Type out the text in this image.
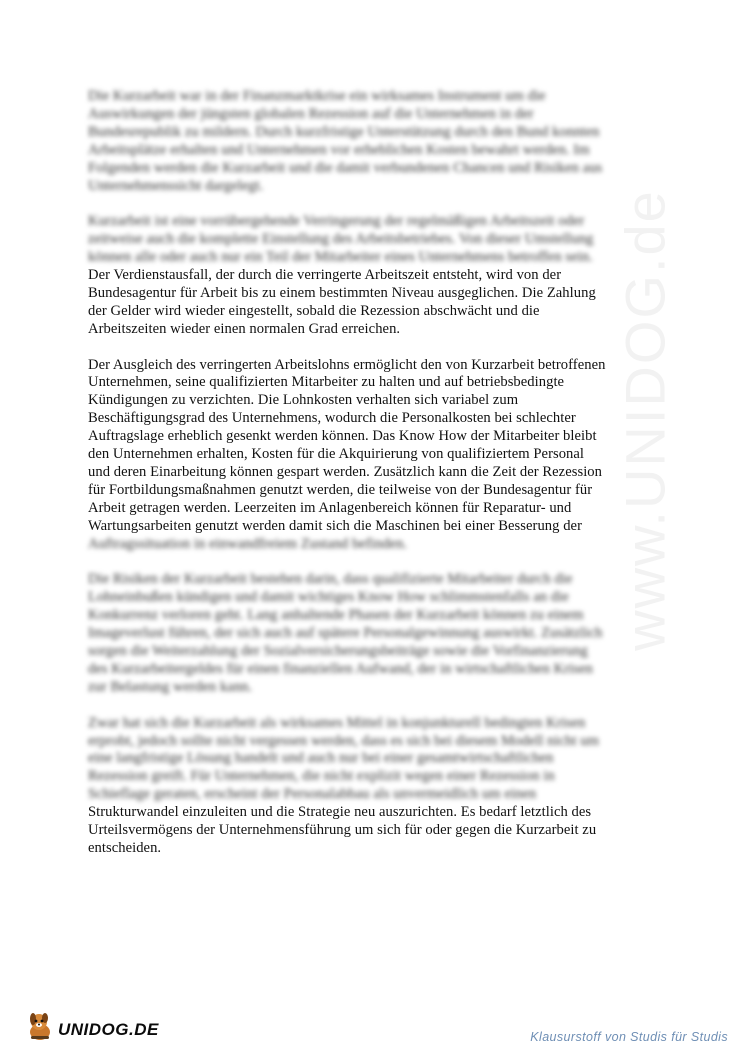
www.UNIDOG.de

Die Kurzarbeit war in der Finanzmarktkrise ein wirksames Instrument um die
Auswirkungen der jüngsten globalen Rezession auf die Unternehmen in der
Bundesrepublik zu mildern. Durch kurzfristige Unterstützung durch den Bund konnten
Arbeitsplätze erhalten und Unternehmen vor erheblichen Kosten bewahrt werden. Im
Folgenden werden die Kurzarbeit und die damit verbundenen Chancen und Risiken aus
Unternehmenssicht dargelegt.

Kurzarbeit ist eine vorrübergehende Verringerung der regelmäßigen Arbeitszeit oder
zeitweise auch die komplette Einstellung des Arbeitsbetriebes. Von dieser Umstellung
können alle oder auch nur ein Teil der Mitarbeiter eines Unternehmens betroffen sein.
Der Verdienstausfall, der durch die verringerte Arbeitszeit entsteht, wird von der
Bundesagentur für Arbeit bis zu einem bestimmten Niveau ausgeglichen. Die Zahlung
der Gelder wird wieder eingestellt, sobald die Rezession abschwächt und die
Arbeitszeiten wieder einen normalen Grad erreichen.

Der Ausgleich des verringerten Arbeitslohns ermöglicht den von Kurzarbeit betroffenen
Unternehmen, seine qualifizierten Mitarbeiter zu halten und auf betriebsbedingte
Kündigungen zu verzichten. Die Lohnkosten verhalten sich variabel zum
Beschäftigungsgrad des Unternehmens, wodurch die Personalkosten bei schlechter
Auftragslage erheblich gesenkt werden können. Das Know How der Mitarbeiter bleibt
den Unternehmen erhalten, Kosten für die Akquirierung von qualifiziertem Personal
und deren Einarbeitung können gespart werden. Zusätzlich kann die Zeit der Rezession
für Fortbildungsmaßnahmen genutzt werden, die teilweise von der Bundesagentur für
Arbeit getragen werden. Leerzeiten im Anlagenbereich können für Reparatur- und
Wartungsarbeiten genutzt werden damit sich die Maschinen bei einer Besserung der
Auftragssituation in einwandfreiem Zustand befinden.

Die Risiken der Kurzarbeit bestehen darin, dass qualifizierte Mitarbeiter durch die
Lohneinbußen kündigen und damit wichtiges Know How schlimmstenfalls an die
Konkurrenz verloren geht. Lang anhaltende Phasen der Kurzarbeit können zu einem
Imageverlust führen, der sich auch auf spätere Personalgewinnung auswirkt. Zusätzlich
sorgen die Weiterzahlung der Sozialversicherungsbeiträge sowie die Vorfinanzierung
des Kurzarbeitergeldes für einen finanziellen Aufwand, der in wirtschaftlichen Krisen
zur Belastung werden kann.

Zwar hat sich die Kurzarbeit als wirksames Mittel in konjunkturell bedingten Krisen
erprobt, jedoch sollte nicht vergessen werden, dass es sich bei diesem Modell nicht um
eine langfristige Lösung handelt und auch nur bei einer gesamtwirtschaftlichen
Rezession greift. Für Unternehmen, die nicht explizit wegen einer Rezession in
Schieflage geraten, erscheint der Personalabbau als unvermeidlich um einen
Strukturwandel einzuleiten und die Strategie neu auszurichten. Es bedarf letztlich des
Urteilsvermögens der Unternehmensführung um sich für oder gegen die Kurzarbeit zu
entscheiden.

UNIDOG.DE	Klausurstoff von Studis für Studis
